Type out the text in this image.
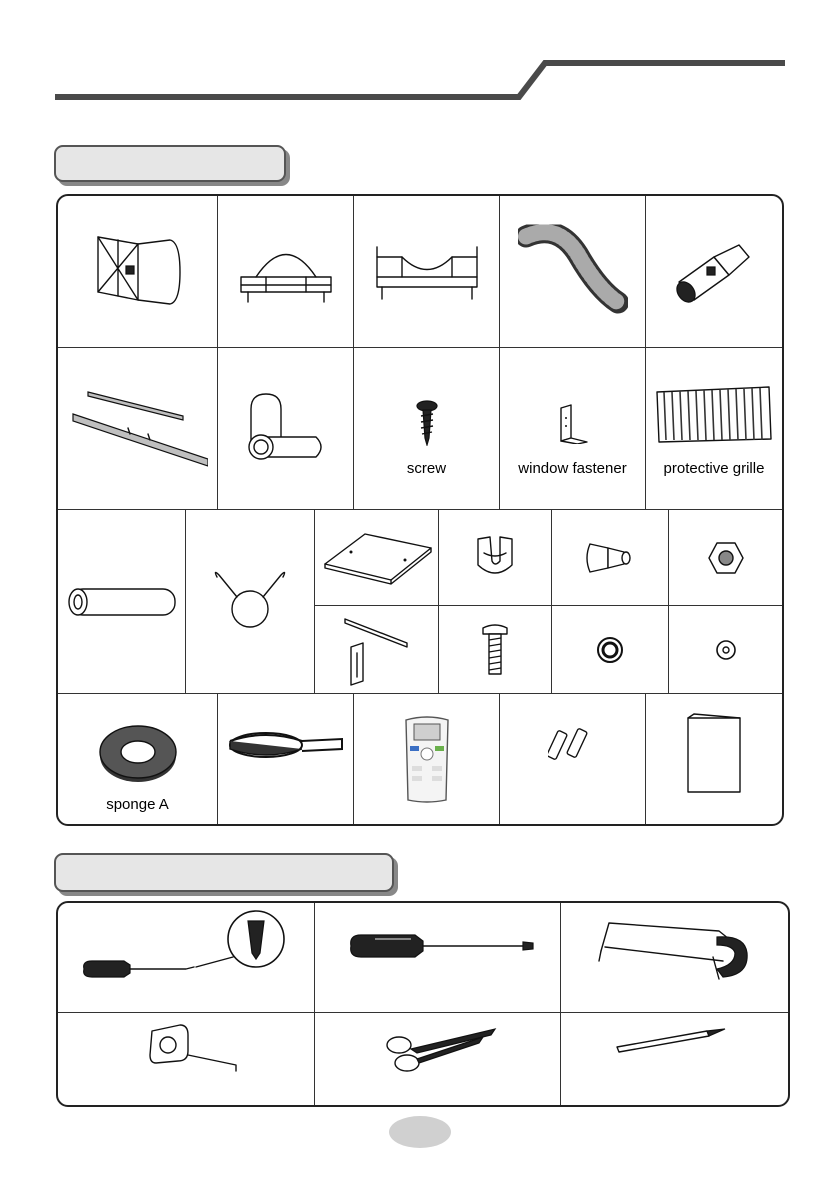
screw	window fastener	protective grille
sponge A
